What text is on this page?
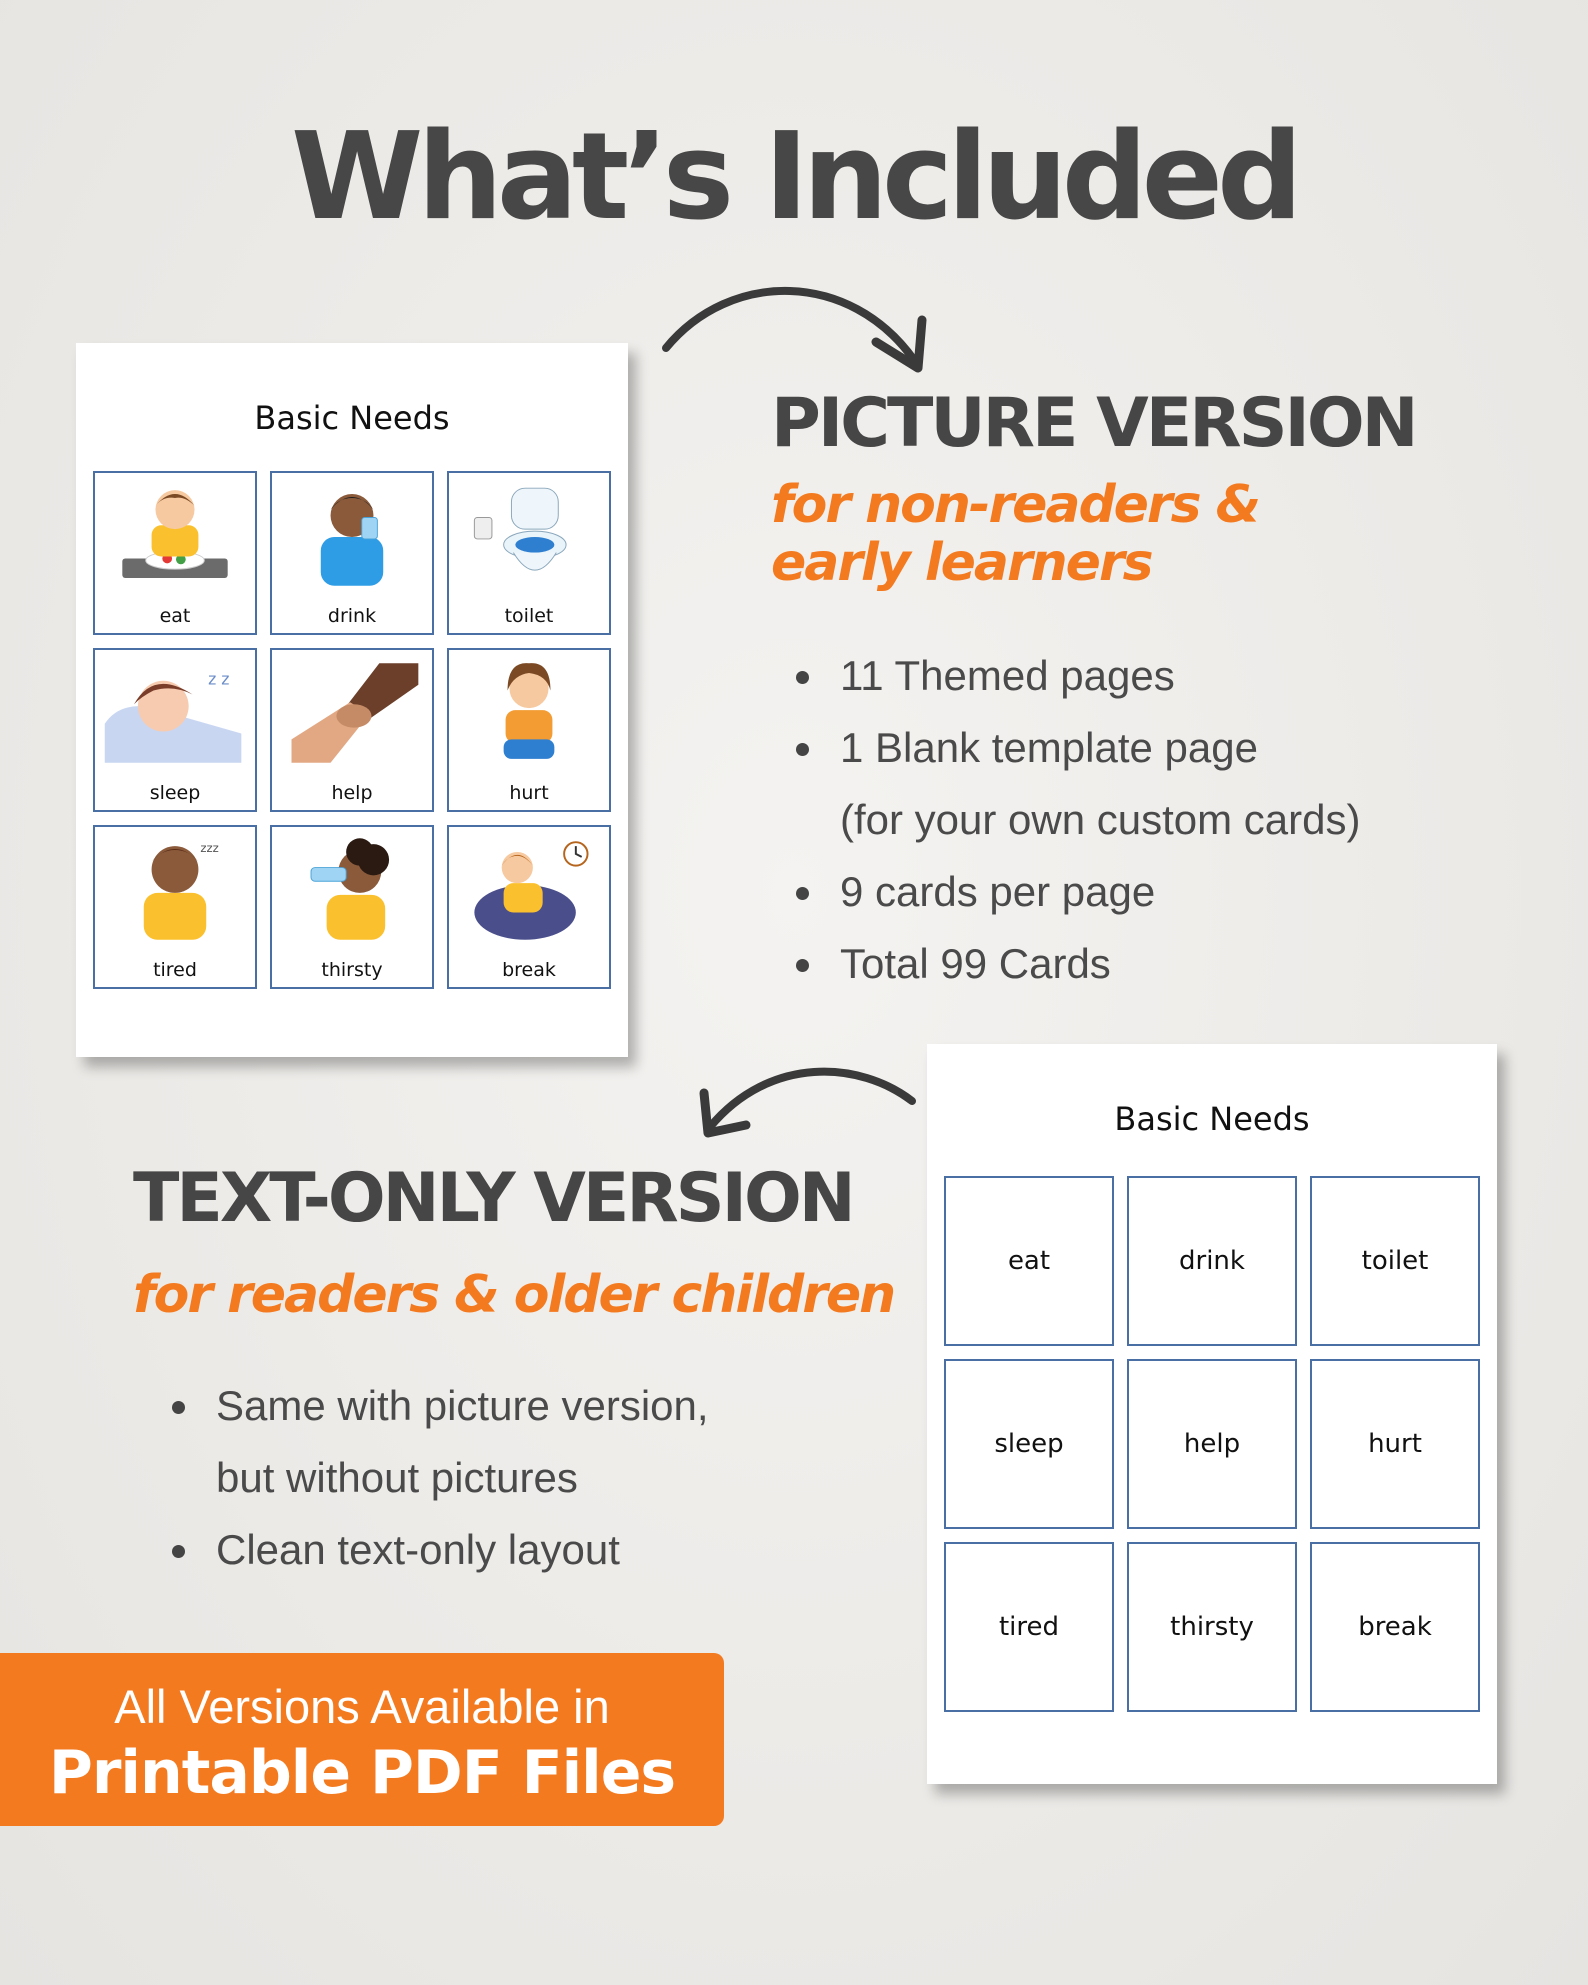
What’s Included
Basic Needs
eat	drink	toilet
z z
sleep	help	hurt
zzz
tired	thirsty	break
PICTURE VERSION
for non-readers &
early learners
11 Themed pages
1 Blank template page
(for your own custom cards)
9 cards per page
Total 99 Cards
TEXT-ONLY VERSION
for readers & older children
Same with picture version,
but without pictures
Clean text-only layout
Basic Needs
eat	drink	toilet
sleep	help	hurt
tired	thirsty	break
All Versions Available in
Printable PDF Files
